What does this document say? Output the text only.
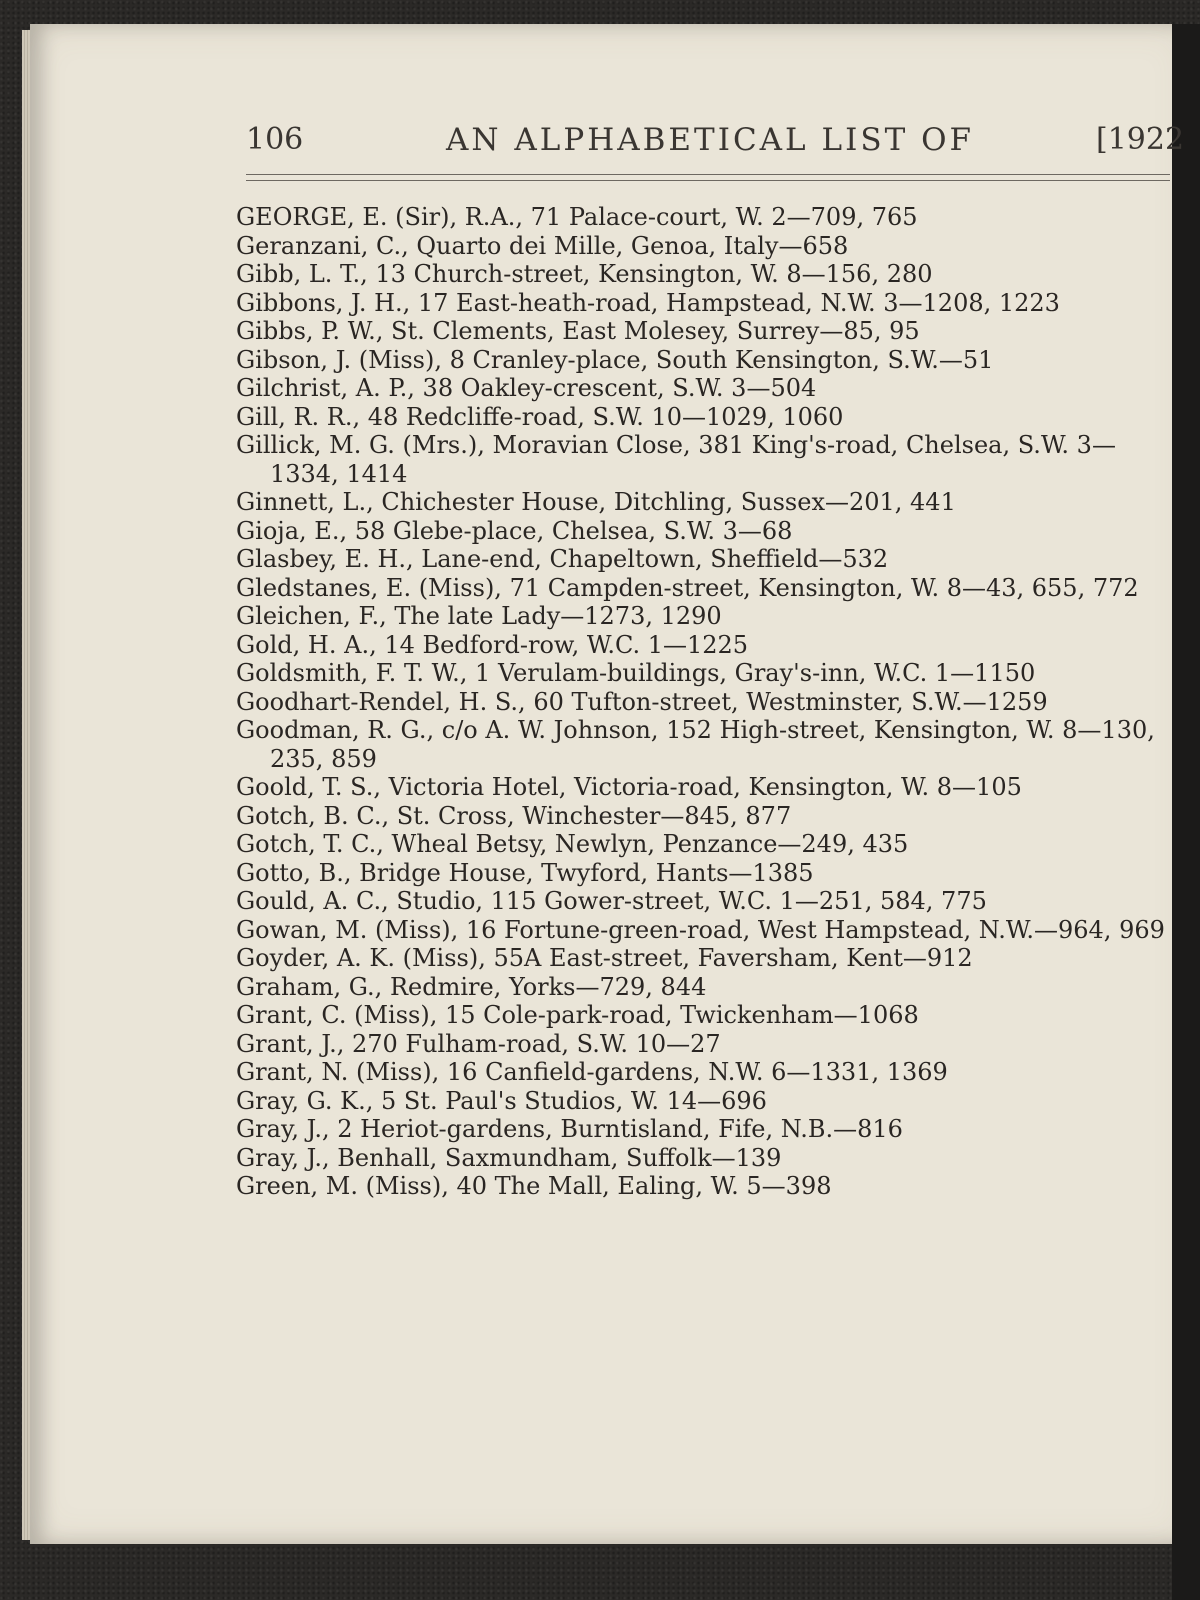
106	AN ALPHABETICAL LIST OF	[1922

GEORGE, E. (Sir), R.A., 71 Palace-court, W. 2—709, 765

Geranzani, C., Quarto dei Mille, Genoa, Italy—658

Gibb, L. T., 13 Church-street, Kensington, W. 8—156, 280

Gibbons, J. H., 17 East-heath-road, Hampstead, N.W. 3—1208, 1223

Gibbs, P. W., St. Clements, East Molesey, Surrey—85, 95

Gibson, J. (Miss), 8 Cranley-place, South Kensington, S.W.—51

Gilchrist, A. P., 38 Oakley-crescent, S.W. 3—504

Gill, R. R., 48 Redcliffe-road, S.W. 10—1029, 1060

Gillick, M. G. (Mrs.), Moravian Close, 381 King's-road, Chelsea, S.W. 3—1334, 1414

Ginnett, L., Chichester House, Ditchling, Sussex—201, 441

Gioja, E., 58 Glebe-place, Chelsea, S.W. 3—68

Glasbey, E. H., Lane-end, Chapeltown, Sheffield—532

Gledstanes, E. (Miss), 71 Campden-street, Kensington, W. 8—43, 655, 772

Gleichen, F., The late Lady—1273, 1290

Gold, H. A., 14 Bedford-row, W.C. 1—1225

Goldsmith, F. T. W., 1 Verulam-buildings, Gray's-inn, W.C. 1—1150

Goodhart-Rendel, H. S., 60 Tufton-street, Westminster, S.W.—1259

Goodman, R. G., c/o A. W. Johnson, 152 High-street, Kensington, W. 8—130, 235, 859

Goold, T. S., Victoria Hotel, Victoria-road, Kensington, W. 8—105

Gotch, B. C., St. Cross, Winchester—845, 877

Gotch, T. C., Wheal Betsy, Newlyn, Penzance—249, 435

Gotto, B., Bridge House, Twyford, Hants—1385

Gould, A. C., Studio, 115 Gower-street, W.C. 1—251, 584, 775

Gowan, M. (Miss), 16 Fortune-green-road, West Hampstead, N.W.—964, 969

Goyder, A. K. (Miss), 55A East-street, Faversham, Kent—912

Graham, G., Redmire, Yorks—729, 844

Grant, C. (Miss), 15 Cole-park-road, Twickenham—1068

Grant, J., 270 Fulham-road, S.W. 10—27

Grant, N. (Miss), 16 Canfield-gardens, N.W. 6—1331, 1369

Gray, G. K., 5 St. Paul's Studios, W. 14—696

Gray, J., 2 Heriot-gardens, Burntisland, Fife, N.B.—816

Gray, J., Benhall, Saxmundham, Suffolk—139

Green, M. (Miss), 40 The Mall, Ealing, W. 5—398
